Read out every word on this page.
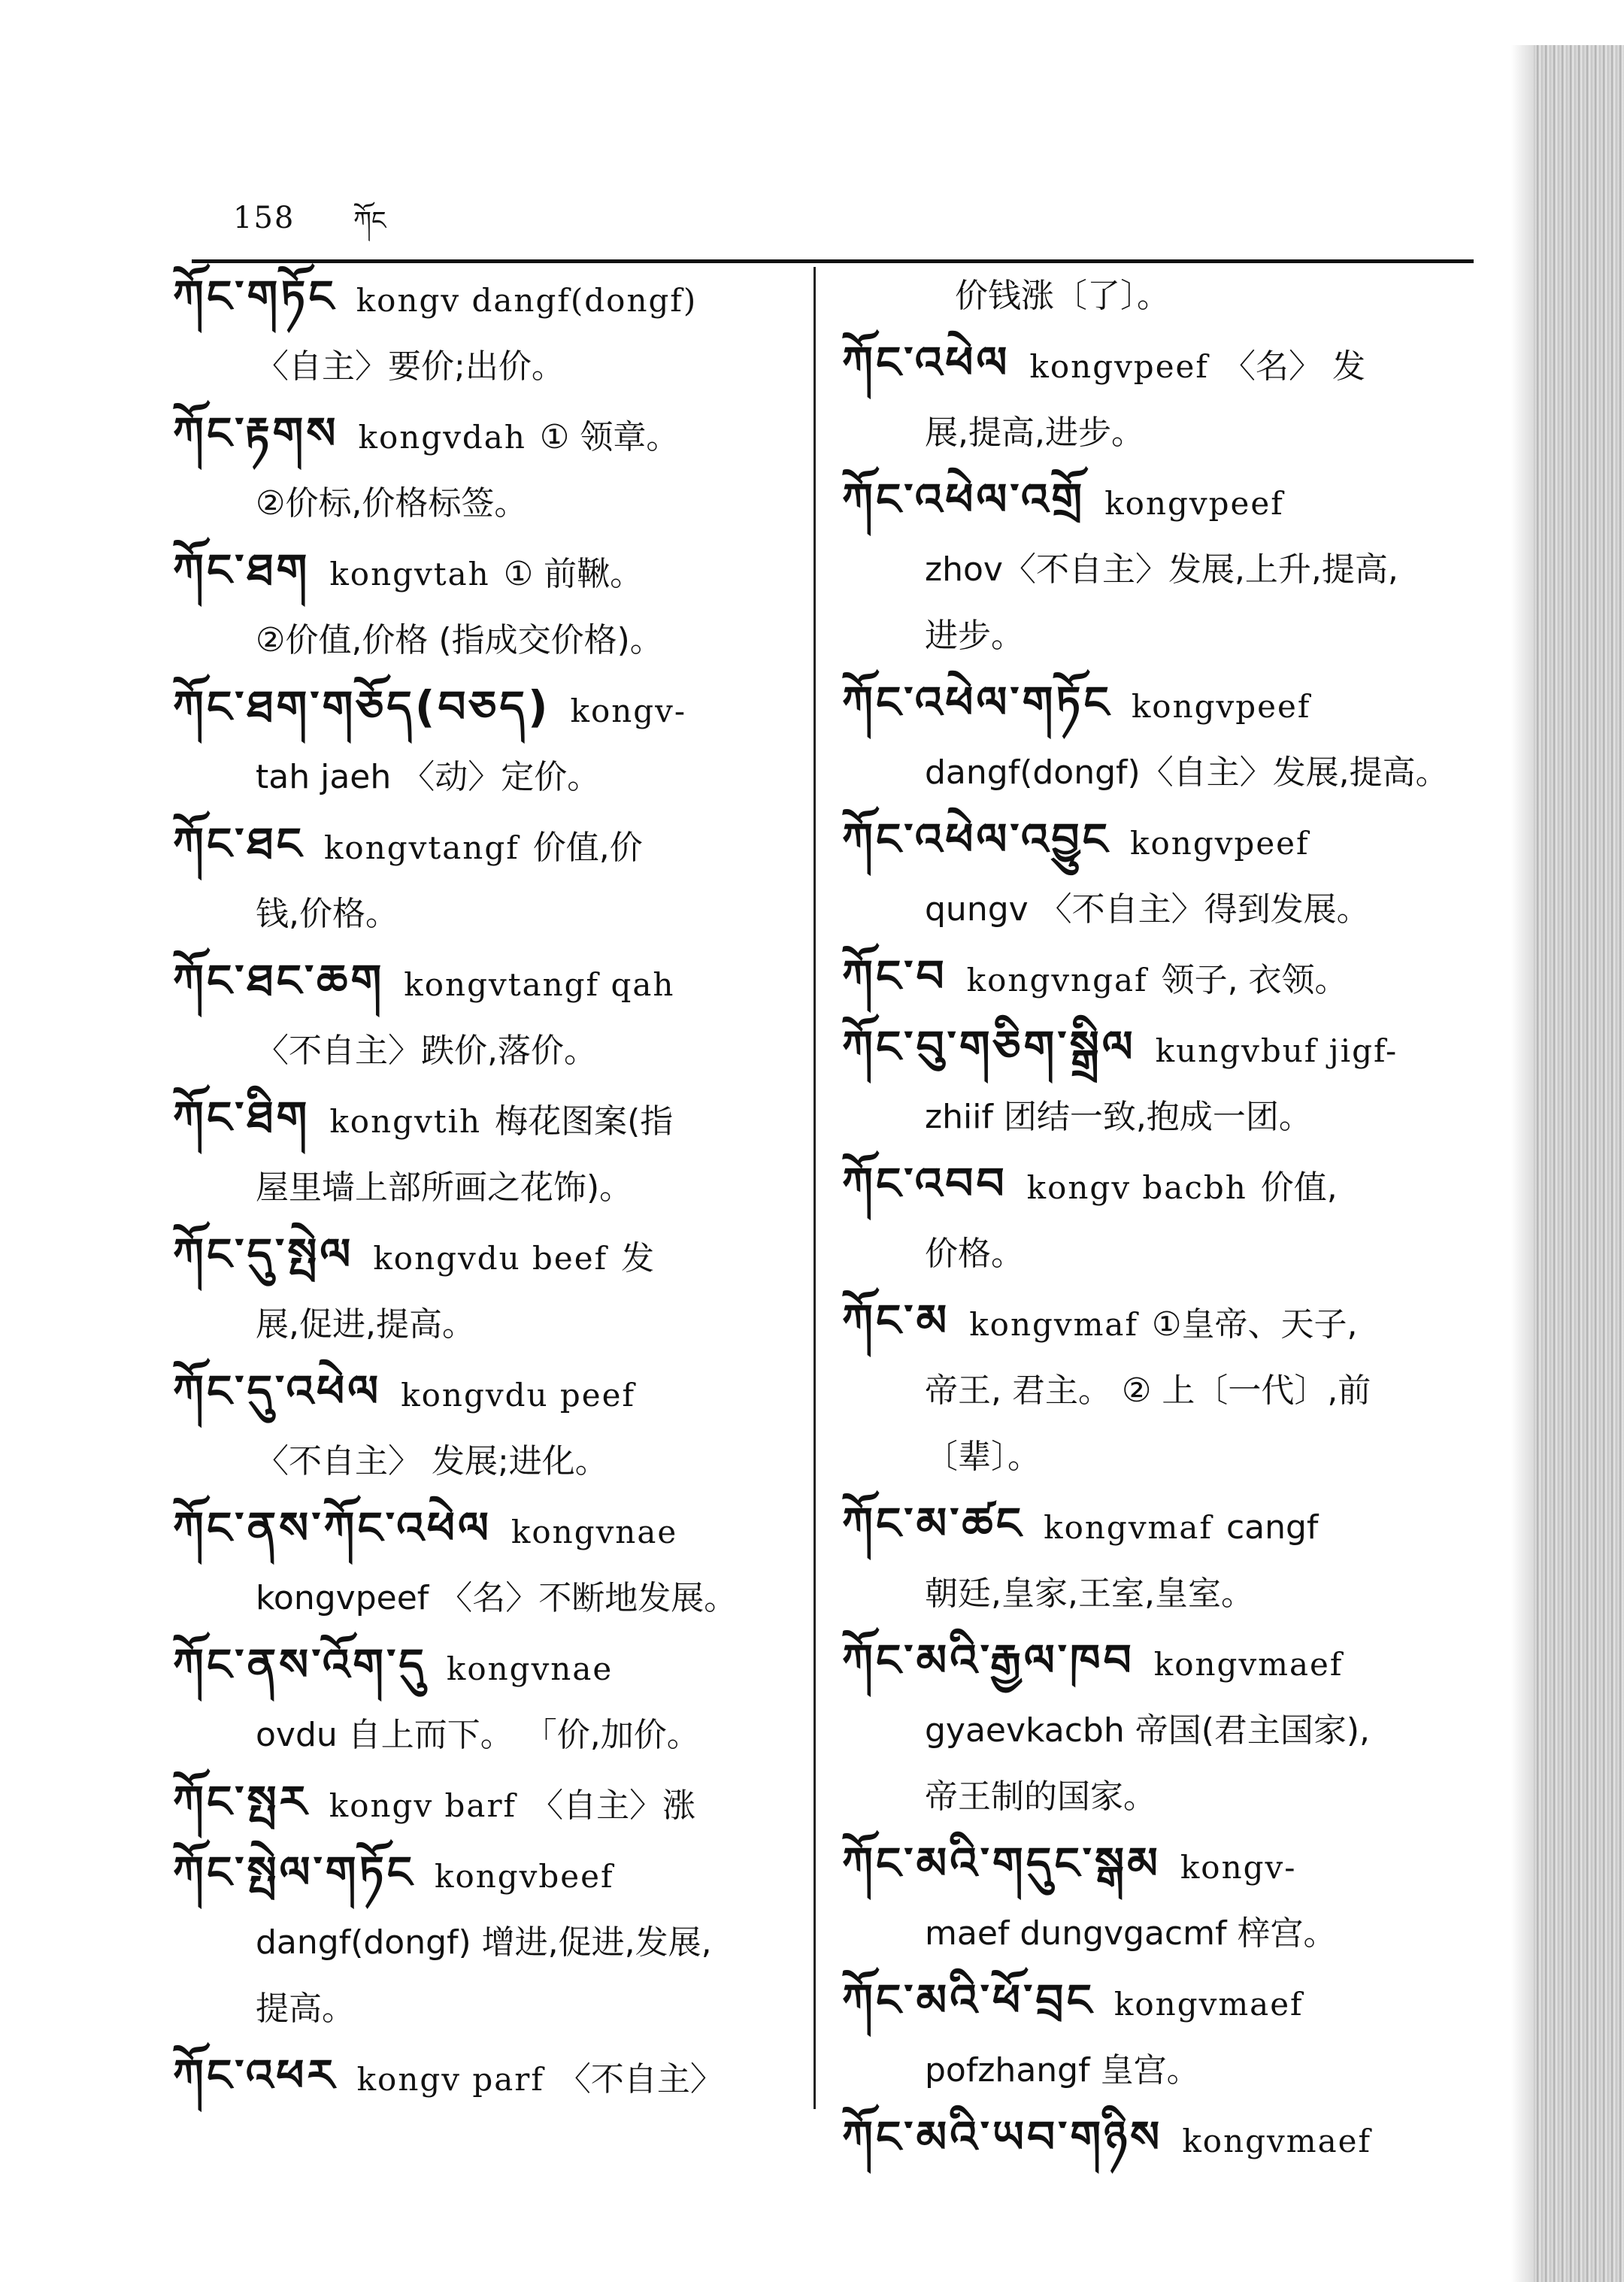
158 ཀོང
ཀོང་གཏོང kongv dangf(dongf)
〈自主〉要价;出价。
ཀོང་རྟགས kongvdah ① 领章。
②价标,价格标签。
ཀོང་ཐག kongvtah ① 前鞦。
②价值,价格 (指成交价格)。
ཀོང་ཐག་གཅོད(བཅད) kongv-
tah jaeh 〈动〉定价。
ཀོང་ཐང kongvtangf 价值,价
钱,价格。
ཀོང་ཐང་ཆག kongvtangf qah
〈不自主〉跌价,落价。
ཀོང་ཐིག kongvtih 梅花图案(指
屋里墙上部所画之花饰)。
ཀོང་དུ་སྤེལ kongvdu beef 发
展,促进,提高。
ཀོང་དུ་འཕེལ kongvdu peef
〈不自主〉 发展;进化。
ཀོང་ནས་ཀོང་འཕེལ kongvnae
kongvpeef 〈名〉不断地发展。
ཀོང་ནས་འོག་དུ kongvnae
ovdu 自上而下。 「价,加价。
ཀོང་སྤར kongv barf 〈自主〉涨
ཀོང་སྤེལ་གཏོང kongvbeef
dangf(dongf) 增进,促进,发展,
提高。
ཀོང་འཕར kongv parf 〈不自主〉
价钱涨〔了〕。
ཀོང་འཕེལ kongvpeef 〈名〉 发
展,提高,进步。
ཀོང་འཕེལ་འགྲོ kongvpeef
zhov〈不自主〉发展,上升,提高,
进步。
ཀོང་འཕེལ་གཏོང kongvpeef
dangf(dongf)〈自主〉发展,提高。
ཀོང་འཕེལ་འབྱུང kongvpeef
qungv 〈不自主〉得到发展。
ཀོང་བ kongvngaf 领子, 衣领。
ཀོང་བུ་གཅིག་སྒྲིལ kungvbuf jigf-
zhiif 团结一致,抱成一团。
ཀོང་འབབ kongv bacbh 价值,
价格。
ཀོང་མ kongvmaf ①皇帝、天子,
帝王, 君主。 ② 上〔一代〕,前
〔辈〕。
ཀོང་མ་ཚང kongvmaf cangf
朝廷,皇家,王室,皇室。
ཀོང་མའི་རྒྱལ་ཁབ kongvmaef
gyaevkacbh 帝国(君主国家),
帝王制的国家。
ཀོང་མའི་གདུང་སྒམ kongv-
maef dungvgacmf 梓宫。
ཀོང་མའི་ཕོ་བྲང kongvmaef
pofzhangf 皇宫。
ཀོང་མའི་ཡབ་གཉིས kongvmaef
